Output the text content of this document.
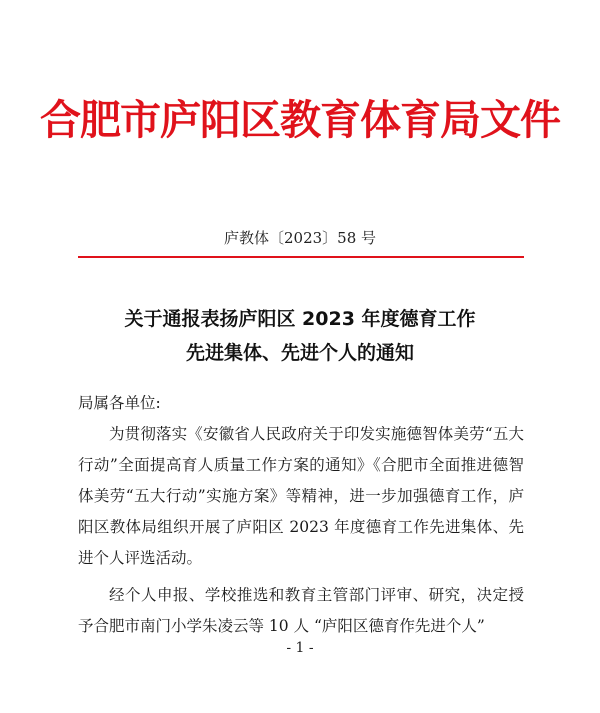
合肥市庐阳区教育体育局文件
庐教体〔2023〕58 号
关于通报表扬庐阳区 2023 年度德育工作
先进集体、先进个人的通知
局属各单位:

为贯彻落实《安徽省人民政府关于印发实施德智体美劳“五大行动”全面提高育人质量工作方案的通知》《合肥市全面推进德智体美劳“五大行动”实施方案》等精神，进一步加强德育工作，庐阳区教体局组织开展了庐阳区 2023 年度德育工作先进集体、先进个人评选活动。

经个人申报、学校推选和教育主管部门评审、研究，决定授予合肥市南门小学朱凌云等 10 人 “庐阳区德育作先进个人”

- 1 -
